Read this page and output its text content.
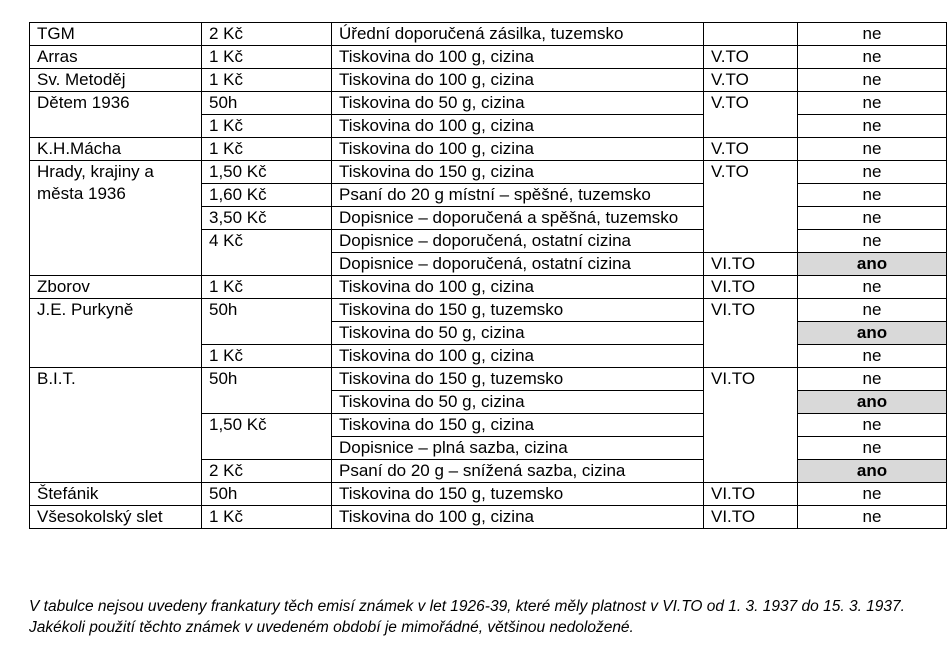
TGM	2 Kč	Úřední doporučená zásilka, tuzemsko		ne
Arras	1 Kč	Tiskovina do 100 g, cizina	V.TO	ne
Sv. Metoděj	1 Kč	Tiskovina do 100 g, cizina	V.TO	ne
Dětem 1936	50h	Tiskovina do 50 g, cizina	V.TO	ne
	1 Kč	Tiskovina do 100 g, cizina		ne
K.H.Mácha	1 Kč	Tiskovina do 100 g, cizina	V.TO	ne
Hrady, krajiny a města 1936	1,50 Kč	Tiskovina do 150 g, cizina	V.TO	ne
	1,60 Kč	Psaní do 20 g místní – spěšné, tuzemsko		ne
	3,50 Kč	Dopisnice – doporučená a spěšná, tuzemsko		ne
	4 Kč	Dopisnice – doporučená, ostatní cizina		ne
		Dopisnice – doporučená, ostatní cizina	VI.TO	ano
Zborov	1 Kč	Tiskovina do 100 g, cizina	VI.TO	ne
J.E. Purkyně	50h	Tiskovina do 150 g, tuzemsko	VI.TO	ne
		Tiskovina do 50 g, cizina		ano
	1 Kč	Tiskovina do 100 g, cizina		ne
B.I.T.	50h	Tiskovina do 150 g, tuzemsko	VI.TO	ne
		Tiskovina do 50 g, cizina		ano
	1,50 Kč	Tiskovina do 150 g, cizina		ne
		Dopisnice – plná sazba, cizina		ne
	2 Kč	Psaní do 20 g – snížená sazba, cizina		ano
Štefánik	50h	Tiskovina do 150 g, tuzemsko	VI.TO	ne
Všesokolský slet	1 Kč	Tiskovina do 100 g, cizina	VI.TO	ne
V tabulce nejsou uvedeny frankatury těch emisí známek v let 1926-39, které měly platnost v VI.TO od 1. 3. 1937 do 15. 3. 1937. Jakékoli použití těchto známek v uvedeném období je mimořádné, většinou nedoložené.
